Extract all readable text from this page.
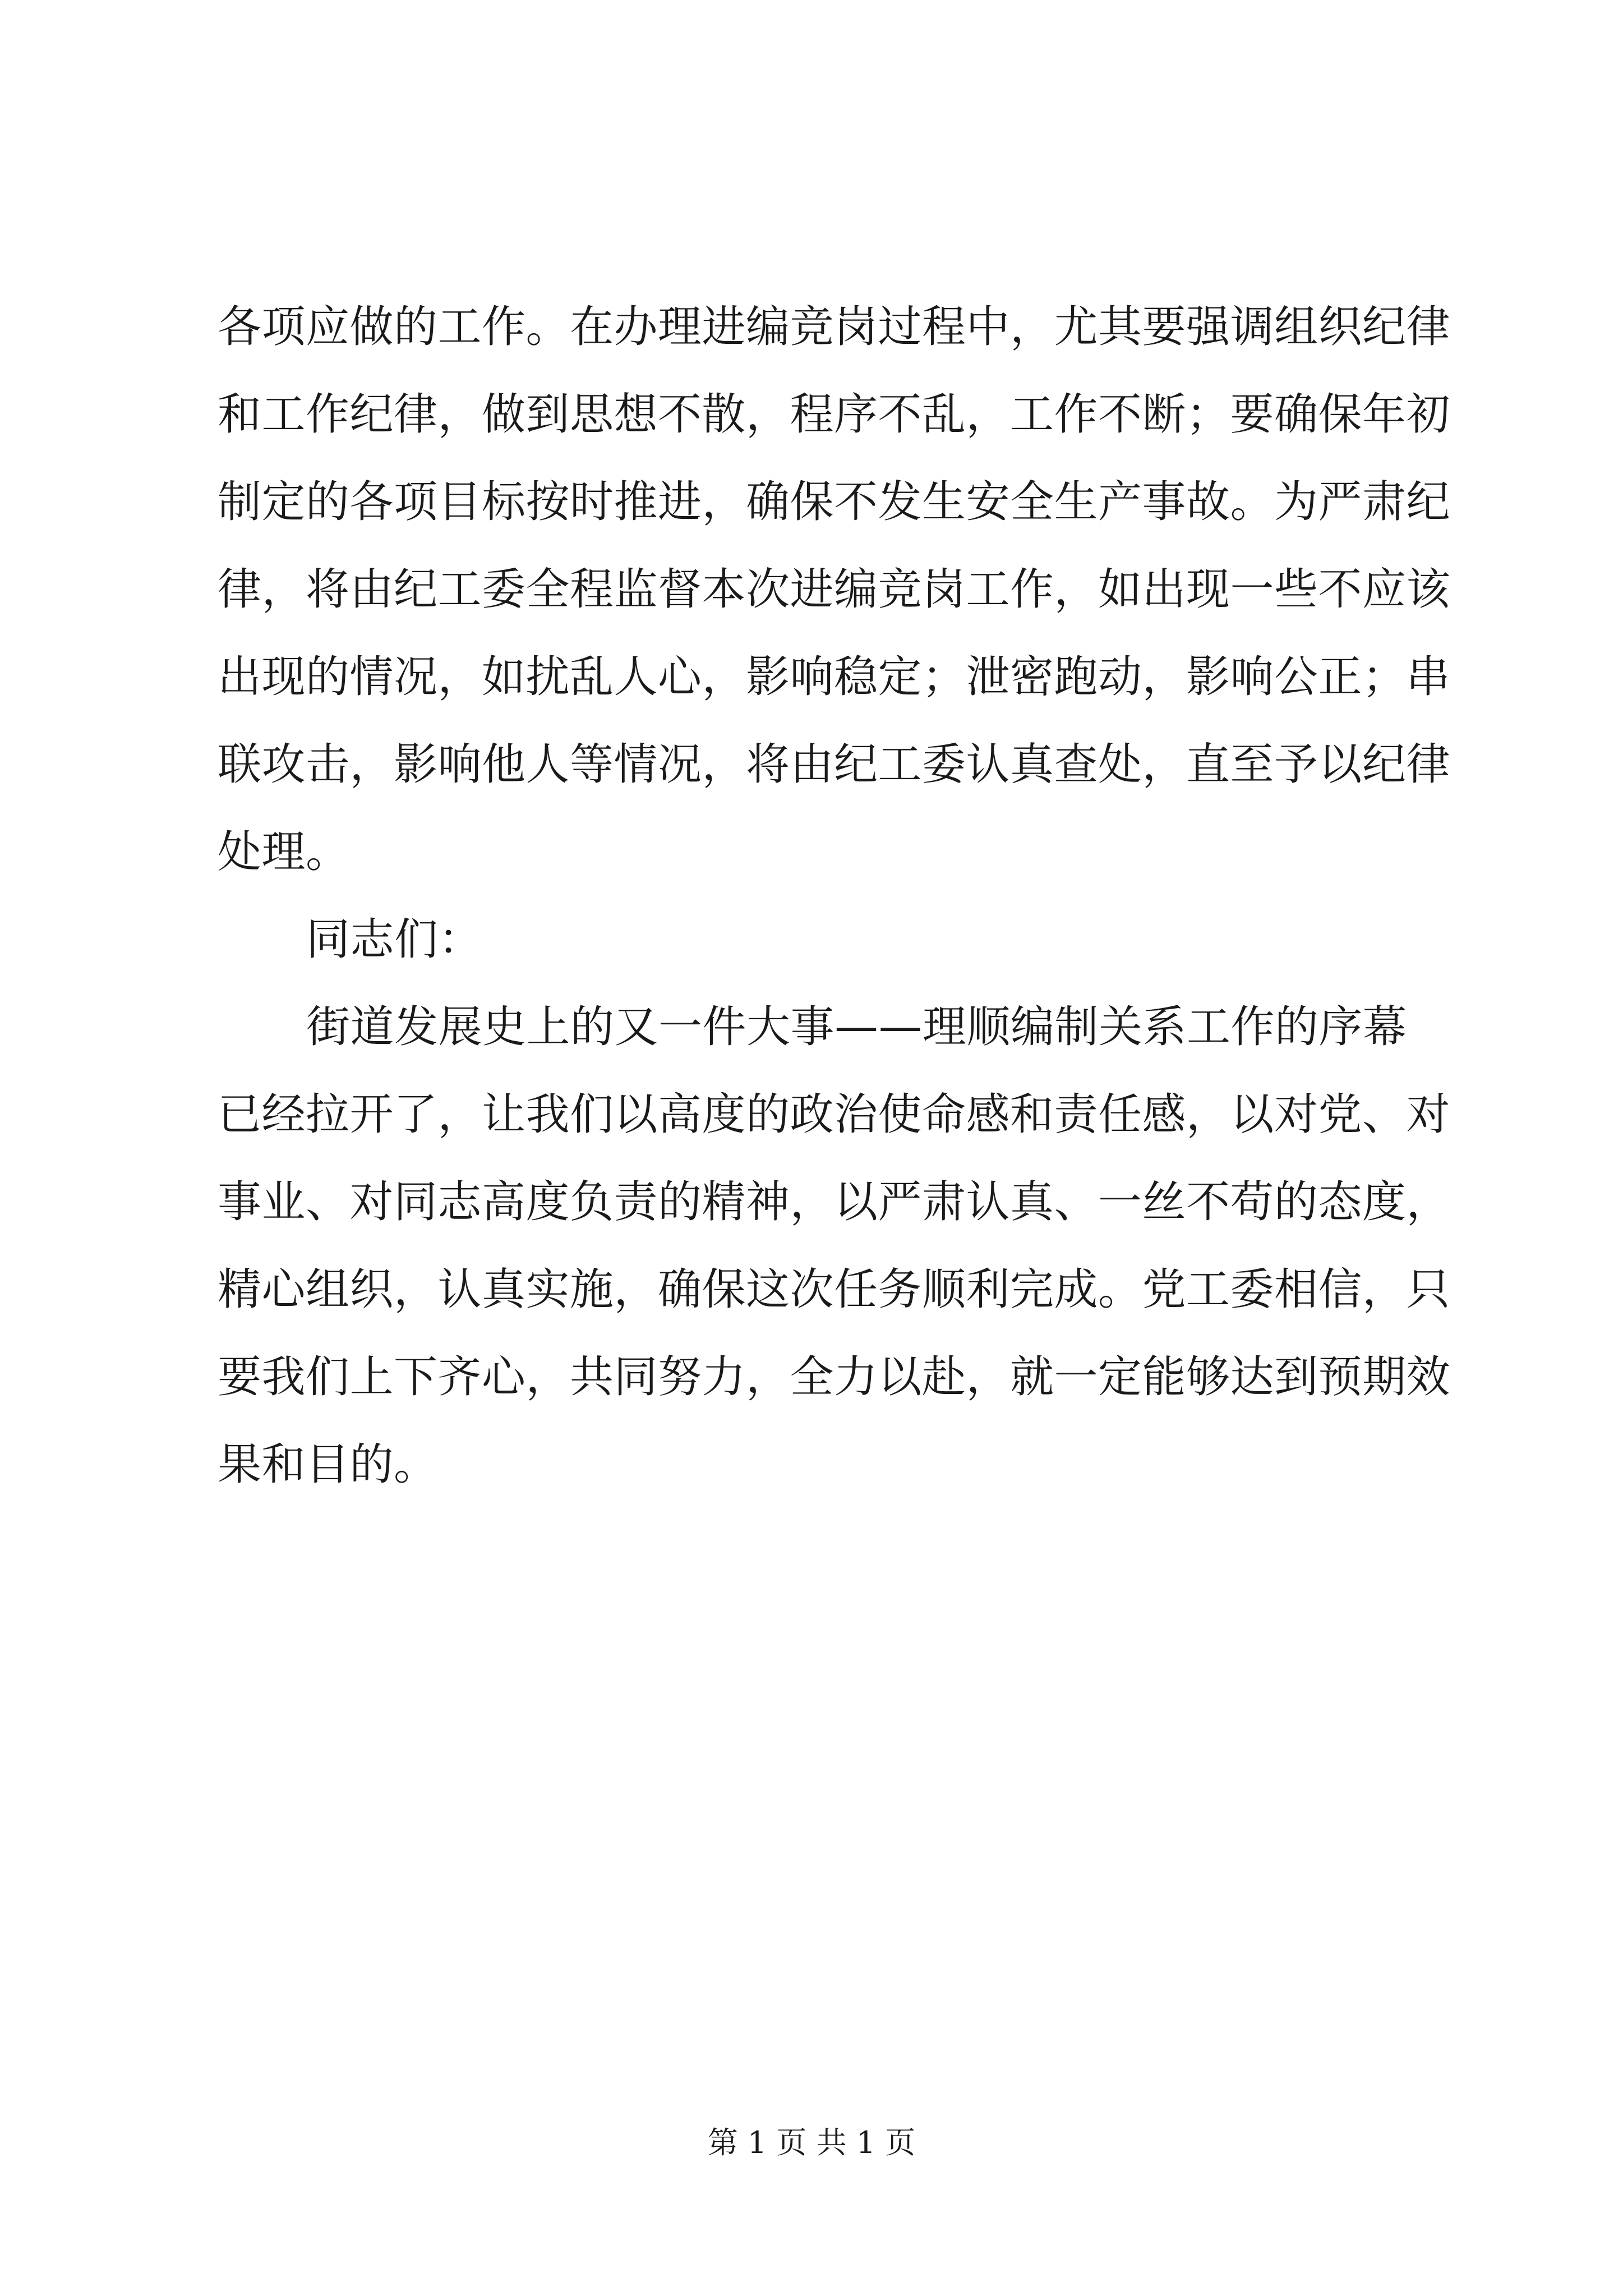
各项应做的工作。在办理进编竞岗过程中，尤其要强调组织纪律
和工作纪律，做到思想不散，程序不乱，工作不断；要确保年初
制定的各项目标按时推进，确保不发生安全生产事故。为严肃纪
律，将由纪工委全程监督本次进编竞岗工作，如出现一些不应该
出现的情况，如扰乱人心，影响稳定；泄密跑动，影响公正；串
联攻击，影响他人等情况，将由纪工委认真查处，直至予以纪律
处理。
同志们：
街道发展史上的又一件大事——理顺编制关系工作的序幕
已经拉开了，让我们以高度的政治使命感和责任感，以对党、对
事业、对同志高度负责的精神，以严肃认真、一丝不苟的态度，
精心组织，认真实施，确保这次任务顺利完成。党工委相信，只
要我们上下齐心，共同努力，全力以赴，就一定能够达到预期效
果和目的。
第 1 页 共 1 页
